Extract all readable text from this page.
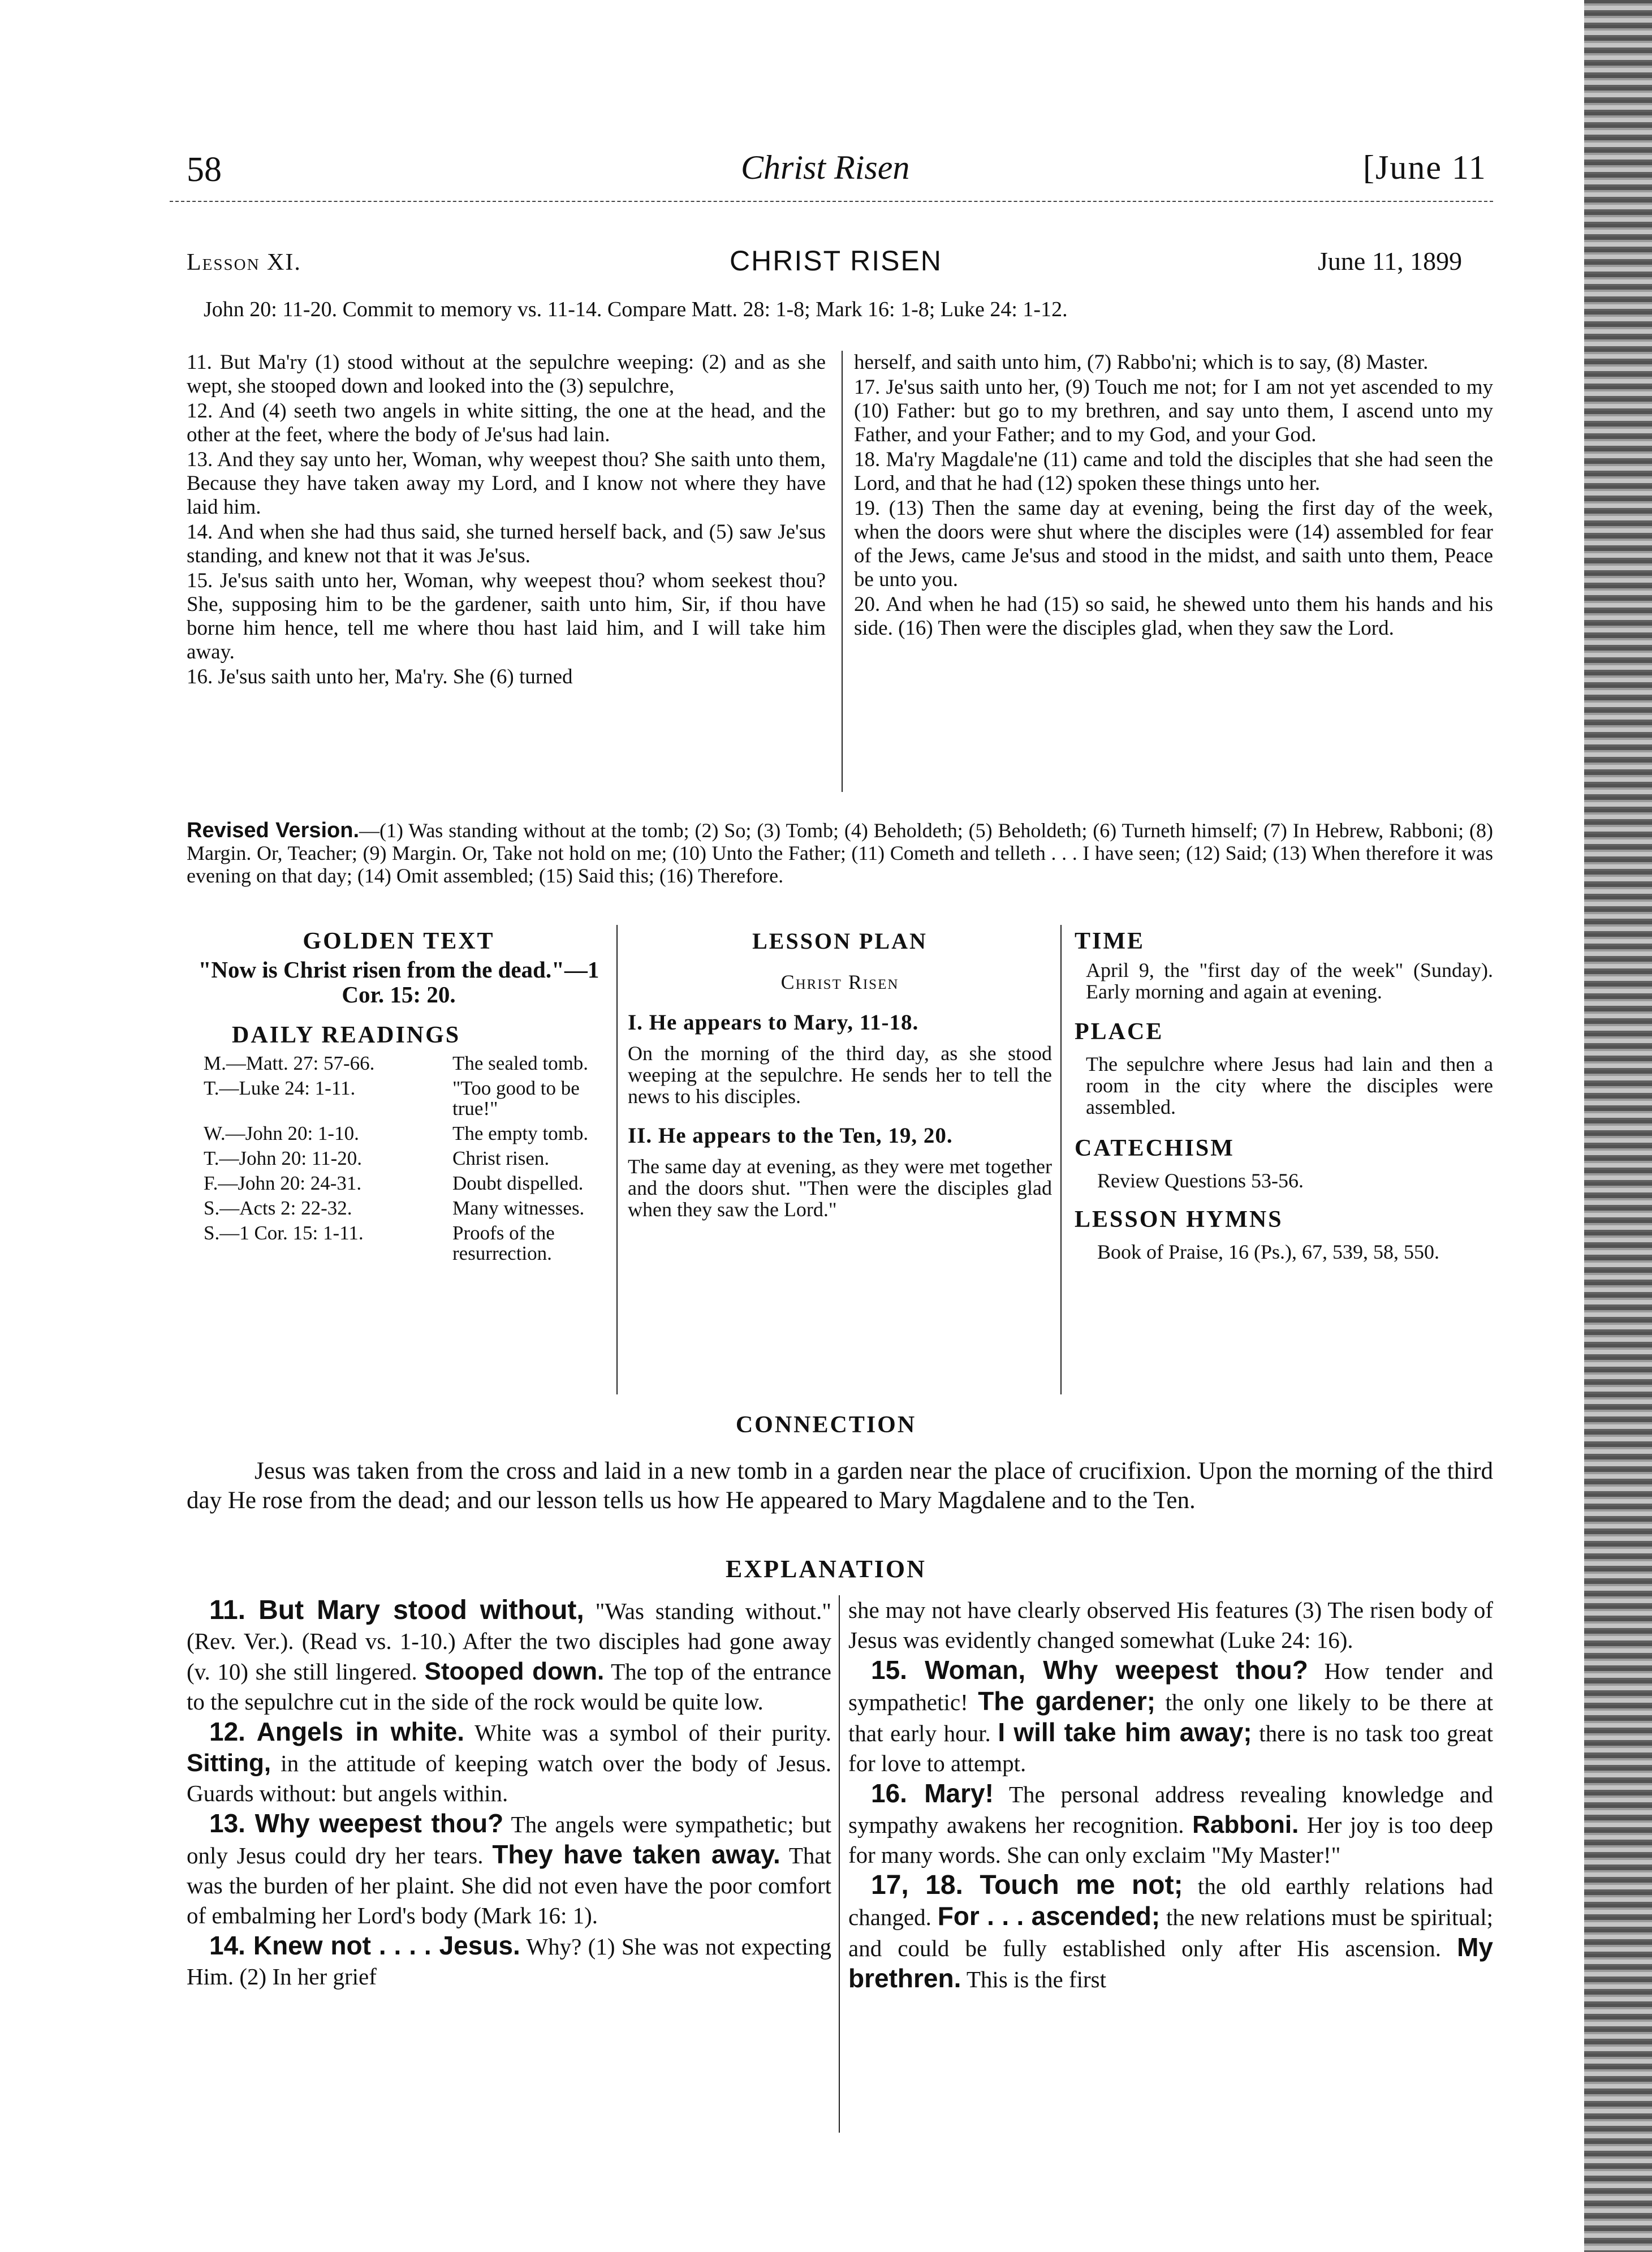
58	Christ Risen	[June 11
Lesson XI.	CHRIST RISEN	June 11, 1899
John 20: 11-20. Commit to memory vs. 11-14. Compare Matt. 28: 1-8; Mark 16: 1-8; Luke 24: 1-12.

11. But Ma'ry (1) stood without at the sepulchre weeping: (2) and as she wept, she stooped down and looked into the (3) sepulchre,

12. And (4) seeth two angels in white sitting, the one at the head, and the other at the feet, where the body of Je'sus had lain.

13. And they say unto her, Woman, why weepest thou? She saith unto them, Because they have taken away my Lord, and I know not where they have laid him.

14. And when she had thus said, she turned herself back, and (5) saw Je'sus standing, and knew not that it was Je'sus.

15. Je'sus saith unto her, Woman, why weepest thou? whom seekest thou? She, supposing him to be the gardener, saith unto him, Sir, if thou have borne him hence, tell me where thou hast laid him, and I will take him away.

16. Je'sus saith unto her, Ma'ry. She (6) turned

herself, and saith unto him, (7) Rabbo'ni; which is to say, (8) Master.

17. Je'sus saith unto her, (9) Touch me not; for I am not yet ascended to my (10) Father: but go to my brethren, and say unto them, I ascend unto my Father, and your Father; and to my God, and your God.

18. Ma'ry Magdale'ne (11) came and told the disciples that she had seen the Lord, and that he had (12) spoken these things unto her.

19. (13) Then the same day at evening, being the first day of the week, when the doors were shut where the disciples were (14) assembled for fear of the Jews, came Je'sus and stood in the midst, and saith unto them, Peace be unto you.

20. And when he had (15) so said, he shewed unto them his hands and his side. (16) Then were the disciples glad, when they saw the Lord.

Revised Version.—(1) Was standing without at the tomb; (2) So; (3) Tomb; (4) Beholdeth; (5) Beholdeth; (6) Turneth himself; (7) In Hebrew, Rabboni; (8) Margin. Or, Teacher; (9) Margin. Or, Take not hold on me; (10) Unto the Father; (11) Cometh and telleth . . . I have seen; (12) Said; (13) When therefore it was evening on that day; (14) Omit assembled; (15) Said this; (16) Therefore.
GOLDEN TEXT
"Now is Christ risen from the dead."—1 Cor. 15: 20.
DAILY READINGS
M.—Matt. 27: 57-66.	The sealed tomb.
T.—Luke 24: 1-11.	"Too good to be true!"
W.—John 20: 1-10.	The empty tomb.
T.—John 20: 11-20.	Christ risen.
F.—John 20: 24-31.	Doubt dispelled.
S.—Acts 2: 22-32.	Many witnesses.
S.—1 Cor. 15: 1-11.	Proofs of the resurrection.
LESSON PLAN
Christ Risen
I. He appears to Mary, 11-18.
On the morning of the third day, as she stood weeping at the sepulchre. He sends her to tell the news to his disciples.
II. He appears to the Ten, 19, 20.
The same day at evening, as they were met together and the doors shut. "Then were the disciples glad when they saw the Lord."
TIME
April 9, the "first day of the week" (Sunday). Early morning and again at evening.
PLACE
The sepulchre where Jesus had lain and then a room in the city where the disciples were assembled.
CATECHISM
Review Questions 53-56.
LESSON HYMNS
Book of Praise, 16 (Ps.), 67, 539, 58, 550.
CONNECTION
Jesus was taken from the cross and laid in a new tomb in a garden near the place of crucifixion. Upon the morning of the third day He rose from the dead; and our lesson tells us how He appeared to Mary Magdalene and to the Ten.
EXPLANATION

11. But Mary stood without, "Was standing without." (Rev. Ver.). (Read vs. 1-10.) After the two disciples had gone away (v. 10) she still lingered. Stooped down. The top of the entrance to the sepulchre cut in the side of the rock would be quite low.

12. Angels in white. White was a symbol of their purity. Sitting, in the attitude of keeping watch over the body of Jesus. Guards without: but angels within.

13. Why weepest thou? The angels were sympathetic; but only Jesus could dry her tears. They have taken away. That was the burden of her plaint. She did not even have the poor comfort of embalming her Lord's body (Mark 16: 1).

14. Knew not . . . . Jesus. Why? (1) She was not expecting Him. (2) In her grief

she may not have clearly observed His features (3) The risen body of Jesus was evidently changed somewhat (Luke 24: 16).

15. Woman, Why weepest thou? How tender and sympathetic! The gardener; the only one likely to be there at that early hour. I will take him away; there is no task too great for love to attempt.

16. Mary! The personal address revealing knowledge and sympathy awakens her recognition. Rabboni. Her joy is too deep for many words. She can only exclaim "My Master!"

17, 18. Touch me not; the old earthly relations had changed. For . . . ascended; the new relations must be spiritual; and could be fully established only after His ascension. My brethren. This is the first
